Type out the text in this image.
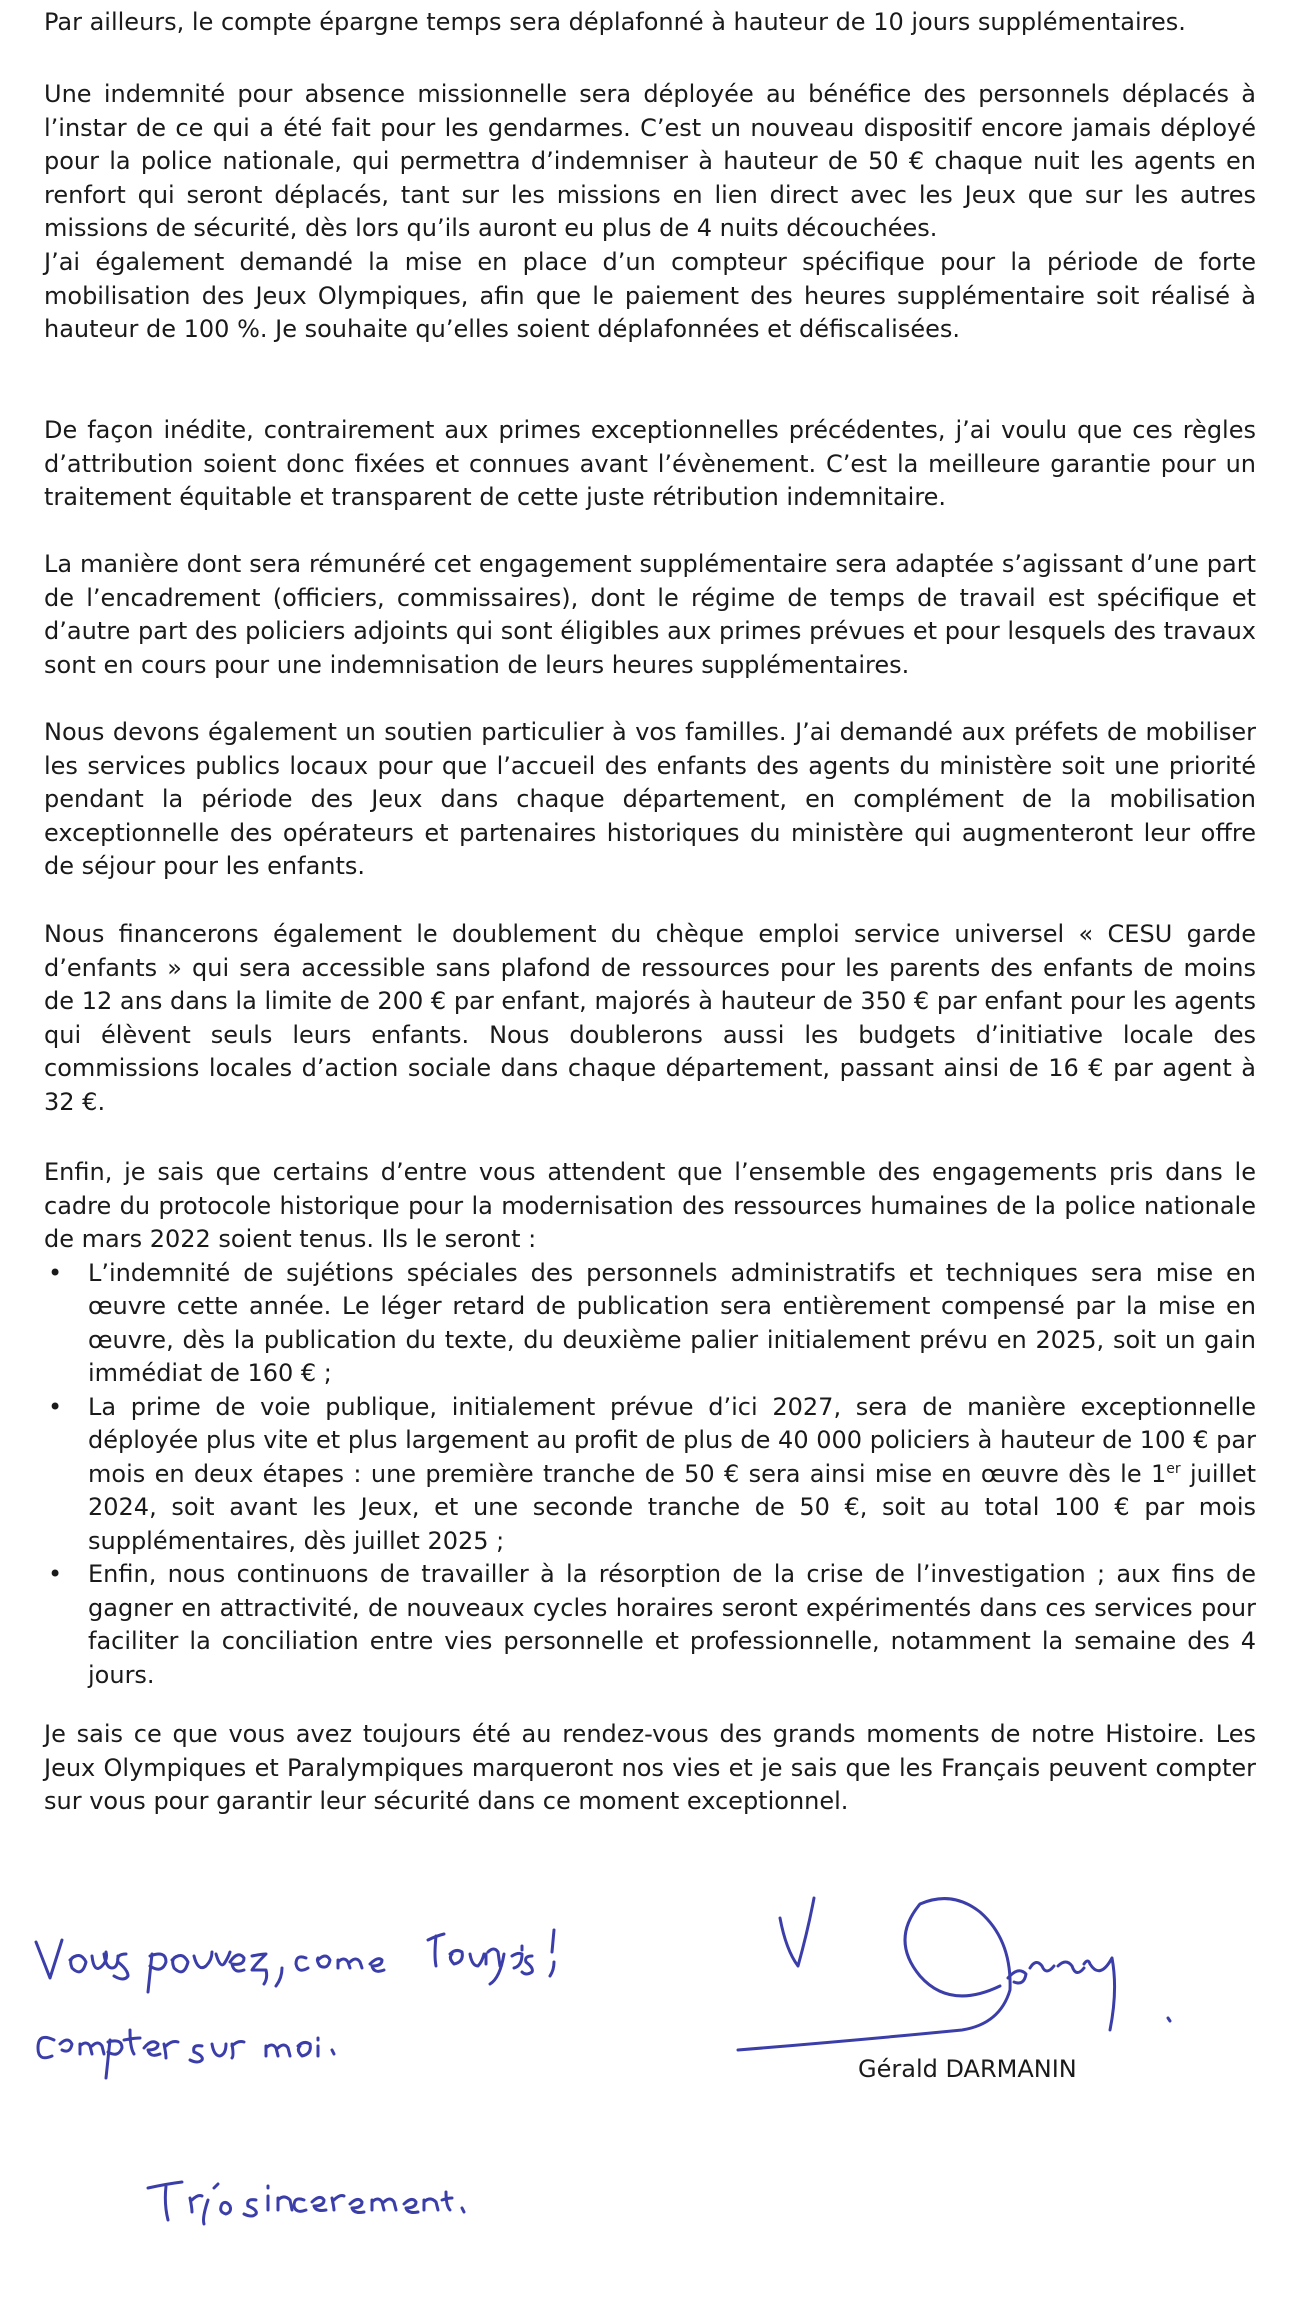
Par ailleurs, le compte épargne temps sera déplafonné à hauteur de 10 jours supplémentaires.

Une indemnité pour absence missionnelle sera déployée au bénéfice des personnels déplacés à l’instar de ce qui a été fait pour les gendarmes. C’est un nouveau dispositif encore jamais déployé pour la police nationale, qui permettra d’indemniser à hauteur de 50 € chaque nuit les agents en renfort qui seront déplacés, tant sur les missions en lien direct avec les Jeux que sur les autres missions de sécurité, dès lors qu’ils auront eu plus de 4 nuits découchées.

J’ai également demandé la mise en place d’un compteur spécifique pour la période de forte mobilisation des Jeux Olympiques, afin que le paiement des heures supplémentaire soit réalisé à hauteur de 100 %. Je souhaite qu’elles soient déplafonnées et défiscalisées.

De façon inédite, contrairement aux primes exceptionnelles précédentes, j’ai voulu que ces règles d’attribution soient donc fixées et connues avant l’évènement. C’est la meilleure garantie pour un traitement équitable et transparent de cette juste rétribution indemnitaire.

La manière dont sera rémunéré cet engagement supplémentaire sera adaptée s’agissant d’une part de l’encadrement (officiers, commissaires), dont le régime de temps de travail est spécifique et d’autre part des policiers adjoints qui sont éligibles aux primes prévues et pour lesquels des travaux sont en cours pour une indemnisation de leurs heures supplémentaires.

Nous devons également un soutien particulier à vos familles. J’ai demandé aux préfets de mobiliser les services publics locaux pour que l’accueil des enfants des agents du ministère soit une priorité pendant la période des Jeux dans chaque département, en complément de la mobilisation exceptionnelle des opérateurs et partenaires historiques du ministère qui augmenteront leur offre de séjour pour les enfants.

Nous financerons également le doublement du chèque emploi service universel « CESU garde d’enfants » qui sera accessible sans plafond de ressources pour les parents des enfants de moins de 12 ans dans la limite de 200 € par enfant, majorés à hauteur de 350 € par enfant pour les agents qui élèvent seuls leurs enfants. Nous doublerons aussi les budgets d’initiative locale des commissions locales d’action sociale dans chaque département, passant ainsi de 16 € par agent à 32 €.

Enfin, je sais que certains d’entre vous attendent que l’ensemble des engagements pris dans le cadre du protocole historique pour la modernisation des ressources humaines de la police nationale de mars 2022 soient tenus. Ils le seront :

• L’indemnité de sujétions spéciales des personnels administratifs et techniques sera mise en œuvre cette année. Le léger retard de publication sera entièrement compensé par la mise en œuvre, dès la publication du texte, du deuxième palier initialement prévu en 2025, soit un gain immédiat de 160 € ;
• La prime de voie publique, initialement prévue d’ici 2027, sera de manière exceptionnelle déployée plus vite et plus largement au profit de plus de 40 000 policiers à hauteur de 100 € par mois en deux étapes : une première tranche de 50 € sera ainsi mise en œuvre dès le 1er juillet 2024, soit avant les Jeux, et une seconde tranche de 50 €, soit au total 100 € par mois supplémentaires, dès juillet 2025 ;
• Enfin, nous continuons de travailler à la résorption de la crise de l’investigation ; aux fins de gagner en attractivité, de nouveaux cycles horaires seront expérimentés dans ces services pour faciliter la conciliation entre vies personnelle et professionnelle, notamment la semaine des 4 jours.

Je sais ce que vous avez toujours été au rendez-vous des grands moments de notre Histoire. Les Jeux Olympiques et Paralympiques marqueront nos vies et je sais que les Français peuvent compter sur vous pour garantir leur sécurité dans ce moment exceptionnel.

Gérald DARMANIN
